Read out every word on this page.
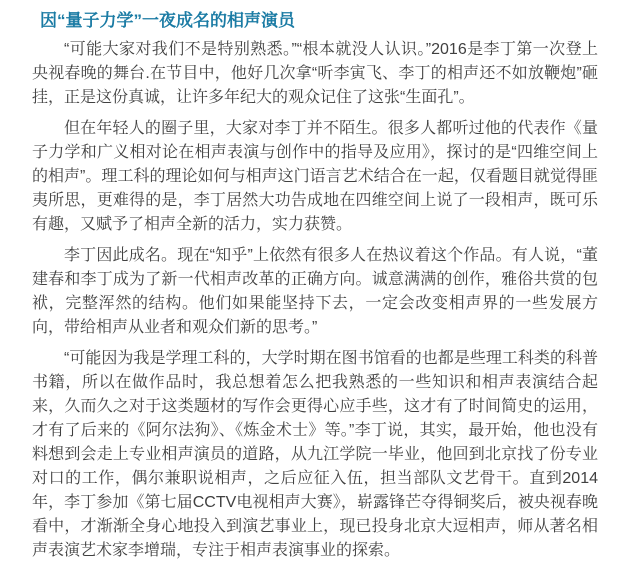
因“量子力学”一夜成名的相声演员

“可能大家对我们不是特别熟悉。”“根本就没人认识。”2016是李丁第一次登上央视春晚的舞台.在节目中，他好几次拿“听李寅飞、李丁的相声还不如放鞭炮”砸挂，正是这份真诚，让许多年纪大的观众记住了这张“生面孔”。

但在年轻人的圈子里，大家对李丁并不陌生。很多人都听过他的代表作《量子力学和广义相对论在相声表演与创作中的指导及应用》，探讨的是“四维空间上的相声”。理工科的理论如何与相声这门语言艺术结合在一起，仅看题目就觉得匪夷所思，更难得的是，李丁居然大功告成地在四维空间上说了一段相声，既可乐有趣，又赋予了相声全新的活力，实力获赞。

李丁因此成名。现在“知乎”上依然有很多人在热议着这个作品。有人说，“董建春和李丁成为了新一代相声改革的正确方向。诚意满满的创作，雅俗共赏的包袱，完整浑然的结构。他们如果能坚持下去，一定会改变相声界的一些发展方向，带给相声从业者和观众们新的思考。”

“可能因为我是学理工科的，大学时期在图书馆看的也都是些理工科类的科普书籍，所以在做作品时，我总想着怎么把我熟悉的一些知识和相声表演结合起来，久而久之对于这类题材的写作会更得心应手些，这才有了时间简史的运用，才有了后来的《阿尔法狗》、《炼金术士》等。”李丁说，其实，最开始，他也没有料想到会走上专业相声演员的道路，从九江学院一毕业，他回到北京找了份专业对口的工作，偶尔兼职说相声，之后应征入伍，担当部队文艺骨干。直到2014年，李丁参加《第七届CCTV电视相声大赛》，崭露锋芒夺得铜奖后，被央视春晚看中，才渐渐全身心地投入到演艺事业上，现已投身北京大逗相声，师从著名相声表演艺术家李增瑞，专注于相声表演事业的探索。
